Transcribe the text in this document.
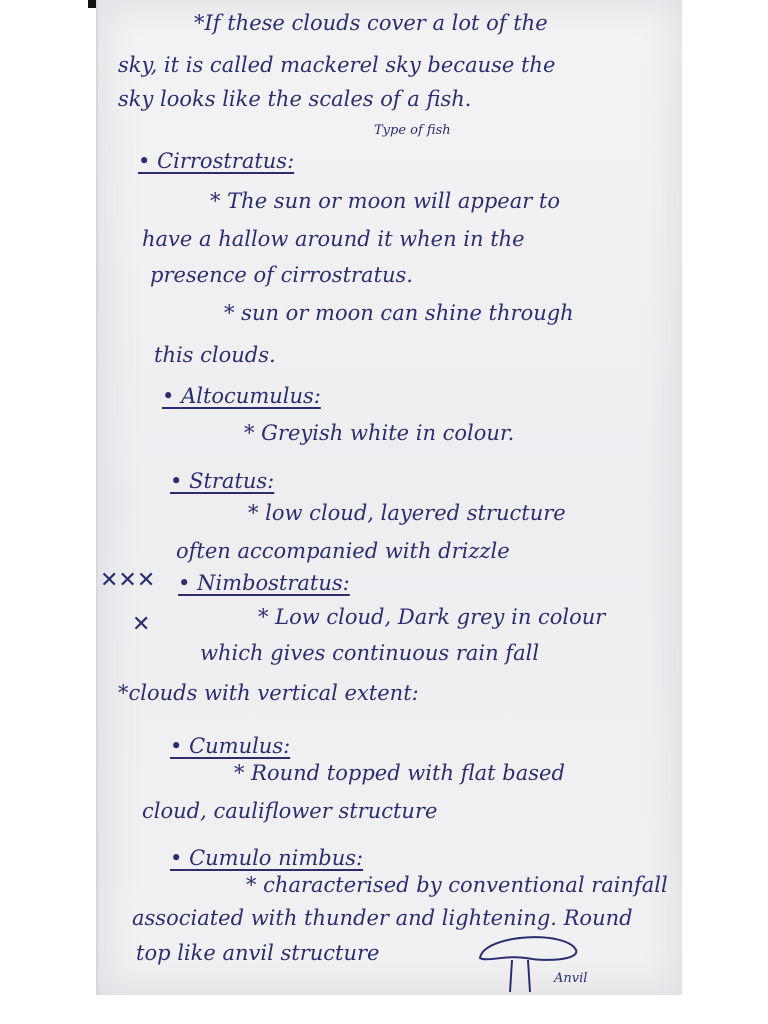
*If these clouds cover a lot of the
sky, it is called mackerel sky because the
sky looks like the scales of a fish.
Type of fish
• Cirrostratus:
* The sun or moon will appear to
have a hallow around it when in the
presence of cirrostratus.
* sun or moon can shine through
this clouds.
• Altocumulus:
* Greyish white in colour.
• Stratus:
* low cloud, layered structure
often accompanied with drizzle
✕✕✕
✕
• Nimbostratus:
* Low cloud, Dark grey in colour
which gives continuous rain fall
*clouds with vertical extent:
• Cumulus:
* Round topped with flat based
cloud, cauliflower structure
• Cumulo nimbus:
* characterised by conventional rainfall
associated with thunder and lightening. Round
top like anvil structure
Anvil
